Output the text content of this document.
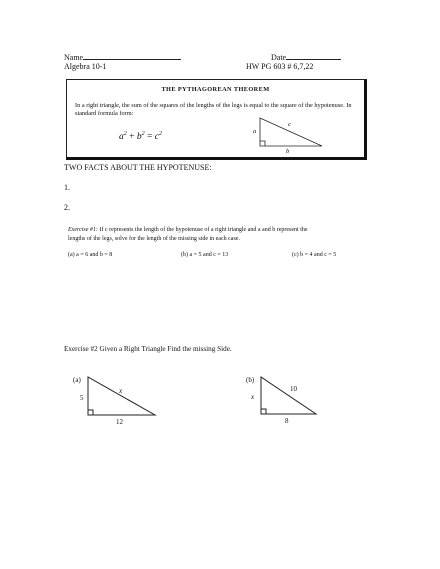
Name	Date
Algebra 10-1	HW PG 603 # 6,7,22
THE PYTHAGOREAN THEOREM
In a right triangle, the sum of the squares of the lengths of the legs is equal to the square of the hypotenuse. In standard formula form:
$a^2 + b^2 = c^2$	a
c
b
TWO FACTS ABOUT THE HYPOTENUSE:
1.
2.
Exercise #1: If c represents the length of the hypotenuse of a right triangle and a and b represent the
lengths of the legs, solve for the length of the missing side in each case.
(a) a = 6 and b = 8	(b) a = 5 and c = 13	(c) b = 4 and c = 5
Exercise #2 Given a Right Triangle Find the missing Side.
(a)
5
x
12
(b)
x
10
8
